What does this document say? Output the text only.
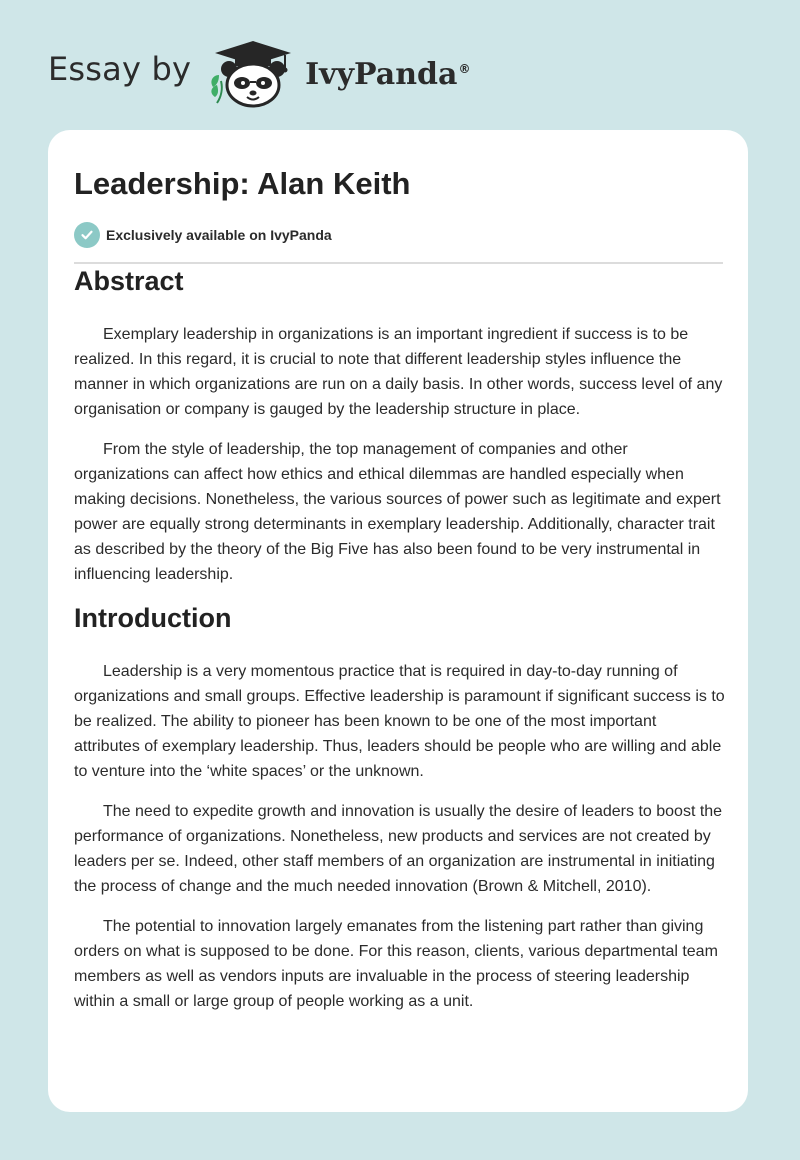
Essay by	IvyPanda®
Leadership: Alan Keith
Exclusively available on IvyPanda
Abstract

Exemplary leadership in organizations is an important ingredient if success is to be realized. In this regard, it is crucial to note that different leadership styles influence the manner in which organizations are run on a daily basis. In other words, success level of any organisation or company is gauged by the leadership structure in place.

From the style of leadership, the top management of companies and other organizations can affect how ethics and ethical dilemmas are handled especially when making decisions. Nonetheless, the various sources of power such as legitimate and expert power are equally strong determinants in exemplary leadership. Additionally, character trait as described by the theory of the Big Five has also been found to be very instrumental in influencing leadership.

Introduction

Leadership is a very momentous practice that is required in day-to-day running of organizations and small groups. Effective leadership is paramount if significant success is to be realized. The ability to pioneer has been known to be one of the most important attributes of exemplary leadership. Thus, leaders should be people who are willing and able to venture into the ‘white spaces’ or the unknown.

The need to expedite growth and innovation is usually the desire of leaders to boost the performance of organizations. Nonetheless, new products and services are not created by leaders per se. Indeed, other staff members of an organization are instrumental in initiating the process of change and the much needed innovation (Brown & Mitchell, 2010).

The potential to innovation largely emanates from the listening part rather than giving orders on what is supposed to be done. For this reason, clients, various departmental team members as well as vendors inputs are invaluable in the process of steering leadership within a small or large group of people working as a unit.
